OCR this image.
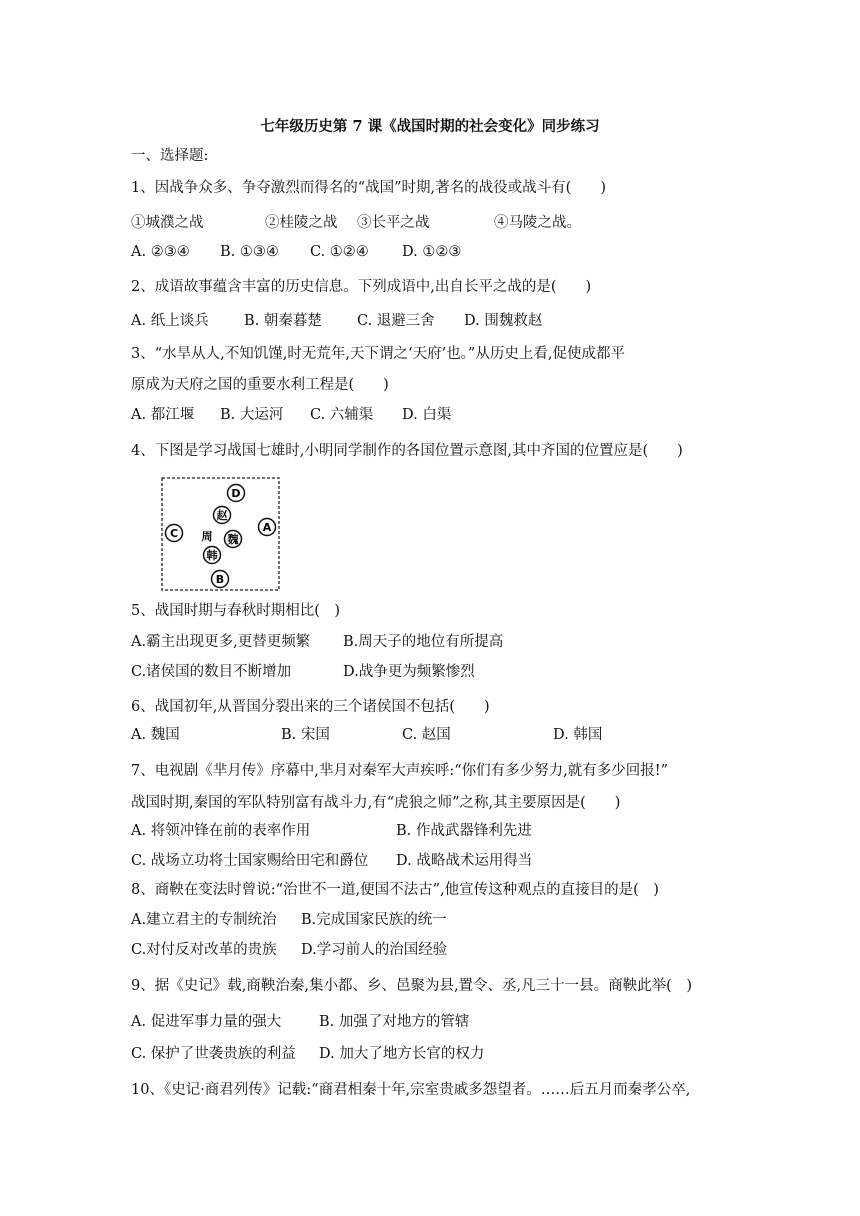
七年级历史第 7 课《战国时期的社会变化》同步练习
一、选择题:
1、因战争众多、争夺激烈而得名的“战国”时期,著名的战役或战斗有(　　)
①城濮之战	②桂陵之战 ③长平之战	④马陵之战。
A. ②③④ B. ①③④ C. ①②④ D. ①②③
2、成语故事蕴含丰富的历史信息。下列成语中,出自长平之战的是(　　)
A. 纸上谈兵 B. 朝秦暮楚 C. 退避三舍 D. 围魏救赵
3、“水旱从人,不知饥馑,时无荒年,天下谓之‘天府’也。”从历史上看,促使成都平
原成为天府之国的重要水利工程是(　　)
A. 都江堰 B. 大运河 C. 六辅渠 D. 白渠
4、下图是学习战国七雄时,小明同学制作的各国位置示意图,其中齐国的位置应是(　　)
D
A
C
B
赵
魏
韩
周
5、战国时期与春秋时期相比(　)
A.霸主出现更多,更替更频繁 B.周天子的地位有所提高
C.诸侯国的数目不断增加	D.战争更为频繁惨烈
6、战国初年,从晋国分裂出来的三个诸侯国不包括(　　)
A. 魏国	B. 宋国	C. 赵国	D. 韩国
7、电视剧《芈月传》序幕中,芈月对秦军大声疾呼:“你们有多少努力,就有多少回报!”
战国时期,秦国的军队特别富有战斗力,有“虎狼之师”之称,其主要原因是(　　)
A. 将领冲锋在前的表率作用	B. 作战武器锋利先进
C. 战场立功将士国家赐给田宅和爵位 D. 战略战术运用得当
8、商鞅在变法时曾说:“治世不一道,便国不法古”,他宣传这种观点的直接目的是(　)
A.建立君主的专制统治 B.完成国家民族的统一
C.对付反对改革的贵族 D.学习前人的治国经验
9、据《史记》载,商鞅治秦,集小都、乡、邑聚为县,置令、丞,凡三十一县。商鞅此举(　)
A. 促进军事力量的强大	B. 加强了对地方的管辖
C. 保护了世袭贵族的利益 D. 加大了地方长官的权力
10、《史记·商君列传》记载:“商君相秦十年,宗室贵戚多怨望者。……后五月而秦孝公卒,
